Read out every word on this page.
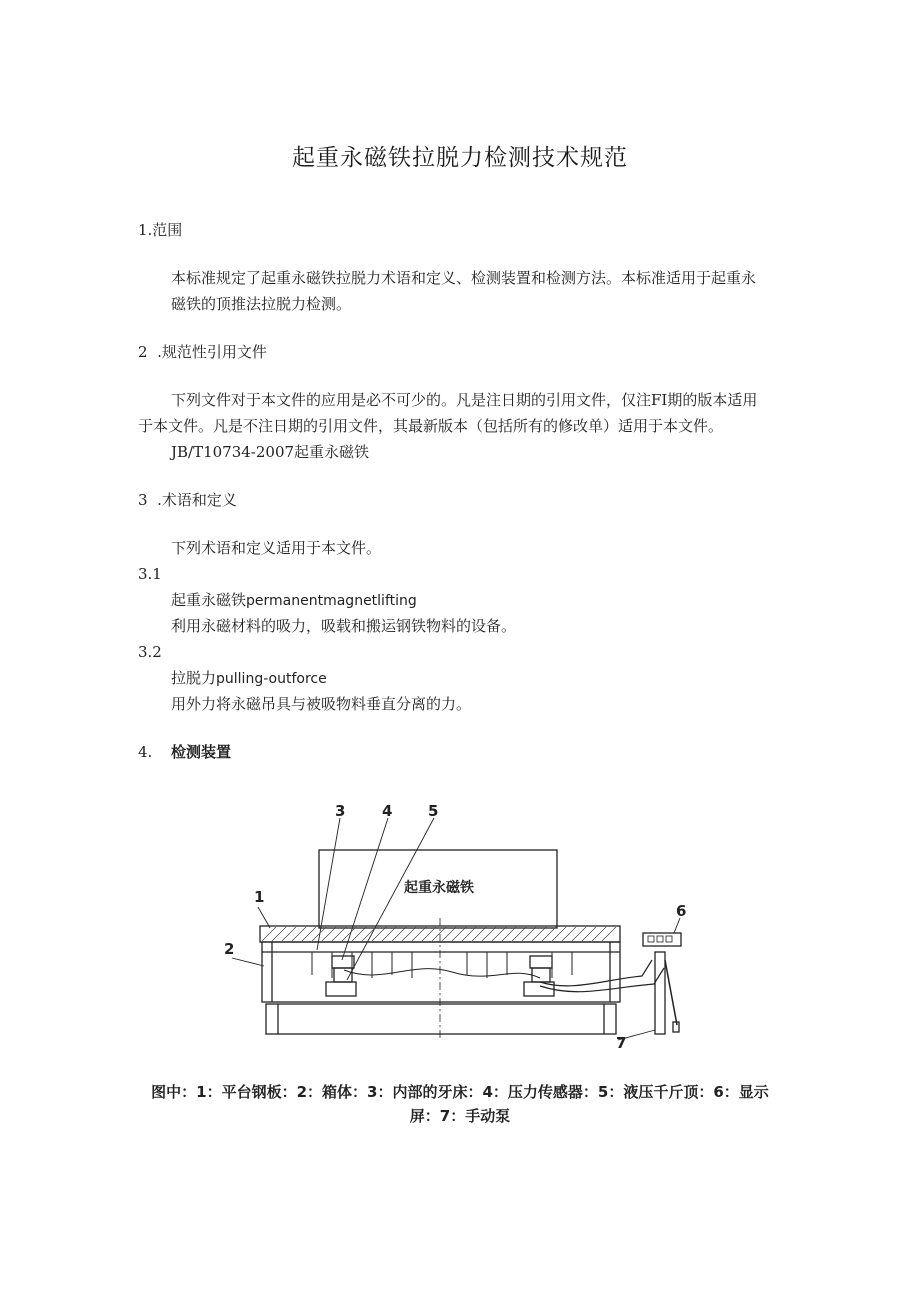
起重永磁铁拉脱力检测技术规范
1.范围
本标准规定了起重永磁铁拉脱力术语和定义、检测装置和检测方法。本标准适用于起重永
磁铁的顶推法拉脱力检测。
2  .规范性引用文件
下列文件对于本文件的应用是必不可少的。凡是注日期的引用文件，仅注FI期的版本适用
于本文件。凡是不注日期的引用文件，其最新版本（包括所有的修改单）适用于本文件。
JB/T10734-2007起重永磁铁
3  .术语和定义
下列术语和定义适用于本文件。
3.1
起重永磁铁permanentmagnetlifting
利用永磁材料的吸力，吸载和搬运钢铁物料的设备。
3.2
拉脱力pulling-outforce
用外力将永磁吊具与被吸物料垂直分离的力。
4. 检测装置
起重永磁铁
1
2
3 4 5
6
7
图中：1：平台钢板：2：箱体：3：内部的牙床：4：压力传感器：5：液压千斤顶：6：显示
屏：7：手动泵
